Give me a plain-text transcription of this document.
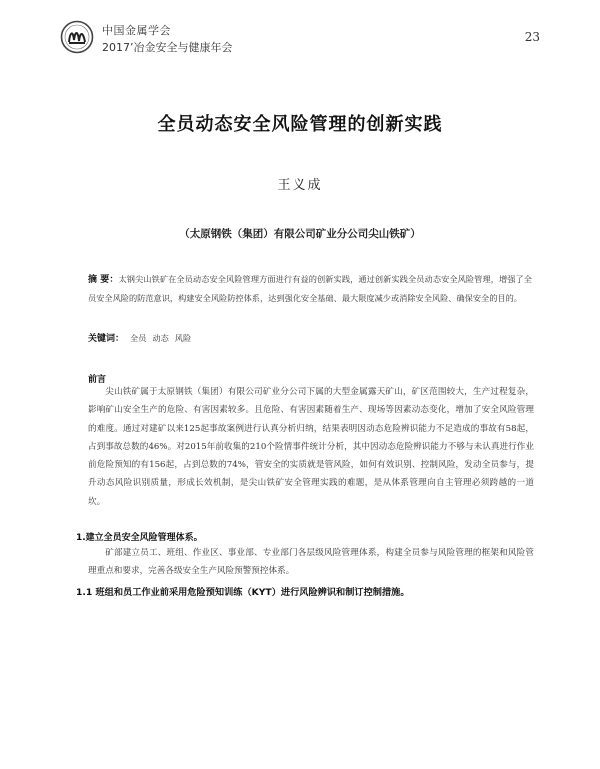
中国金属学会
2017’冶金安全与健康年会
23
全员动态安全风险管理的创新实践
王义成
（太原钢铁（集团）有限公司矿业分公司尖山铁矿）
摘 要：太钢尖山铁矿在全员动态安全风险管理方面进行有益的创新实践，通过创新实践全员动态安全风险管理，增强了全员安全风险的防范意识，构建安全风险防控体系，达到强化安全基础、最大限度减少或消除安全风险、确保安全的目的。
关键词： 全员 动态 风险
前言
尖山铁矿属于太原钢铁（集团）有限公司矿业分公司下属的大型金属露天矿山，矿区范围较大，生产过程复杂，影响矿山安全生产的危险、有害因素较多。且危险、有害因素随着生产、现场等因素动态变化，增加了安全风险管理的难度。通过对建矿以来125起事故案例进行认真分析归纳，结果表明因动态危险辨识能力不足造成的事故有58起，占到事故总数的46%。对2015年前收集的210个险情事件统计分析，其中因动态危险辨识能力不够与未认真进行作业前危险预知的有156起，占到总数的74%，管安全的实质就是管风险，如何有效识别、控制风险，发动全员参与，提升动态风险识别质量，形成长效机制，是尖山铁矿安全管理实践的难题，是从体系管理向自主管理必须跨越的一道坎。
1.建立全员安全风险管理体系。
矿部建立员工、班组、作业区、事业部、专业部门各层级风险管理体系，构建全员参与风险管理的框架和风险管理重点和要求，完善各级安全生产风险预警预控体系。
1.1 班组和员工作业前采用危险预知训练（KYT）进行风险辨识和制订控制措施。
